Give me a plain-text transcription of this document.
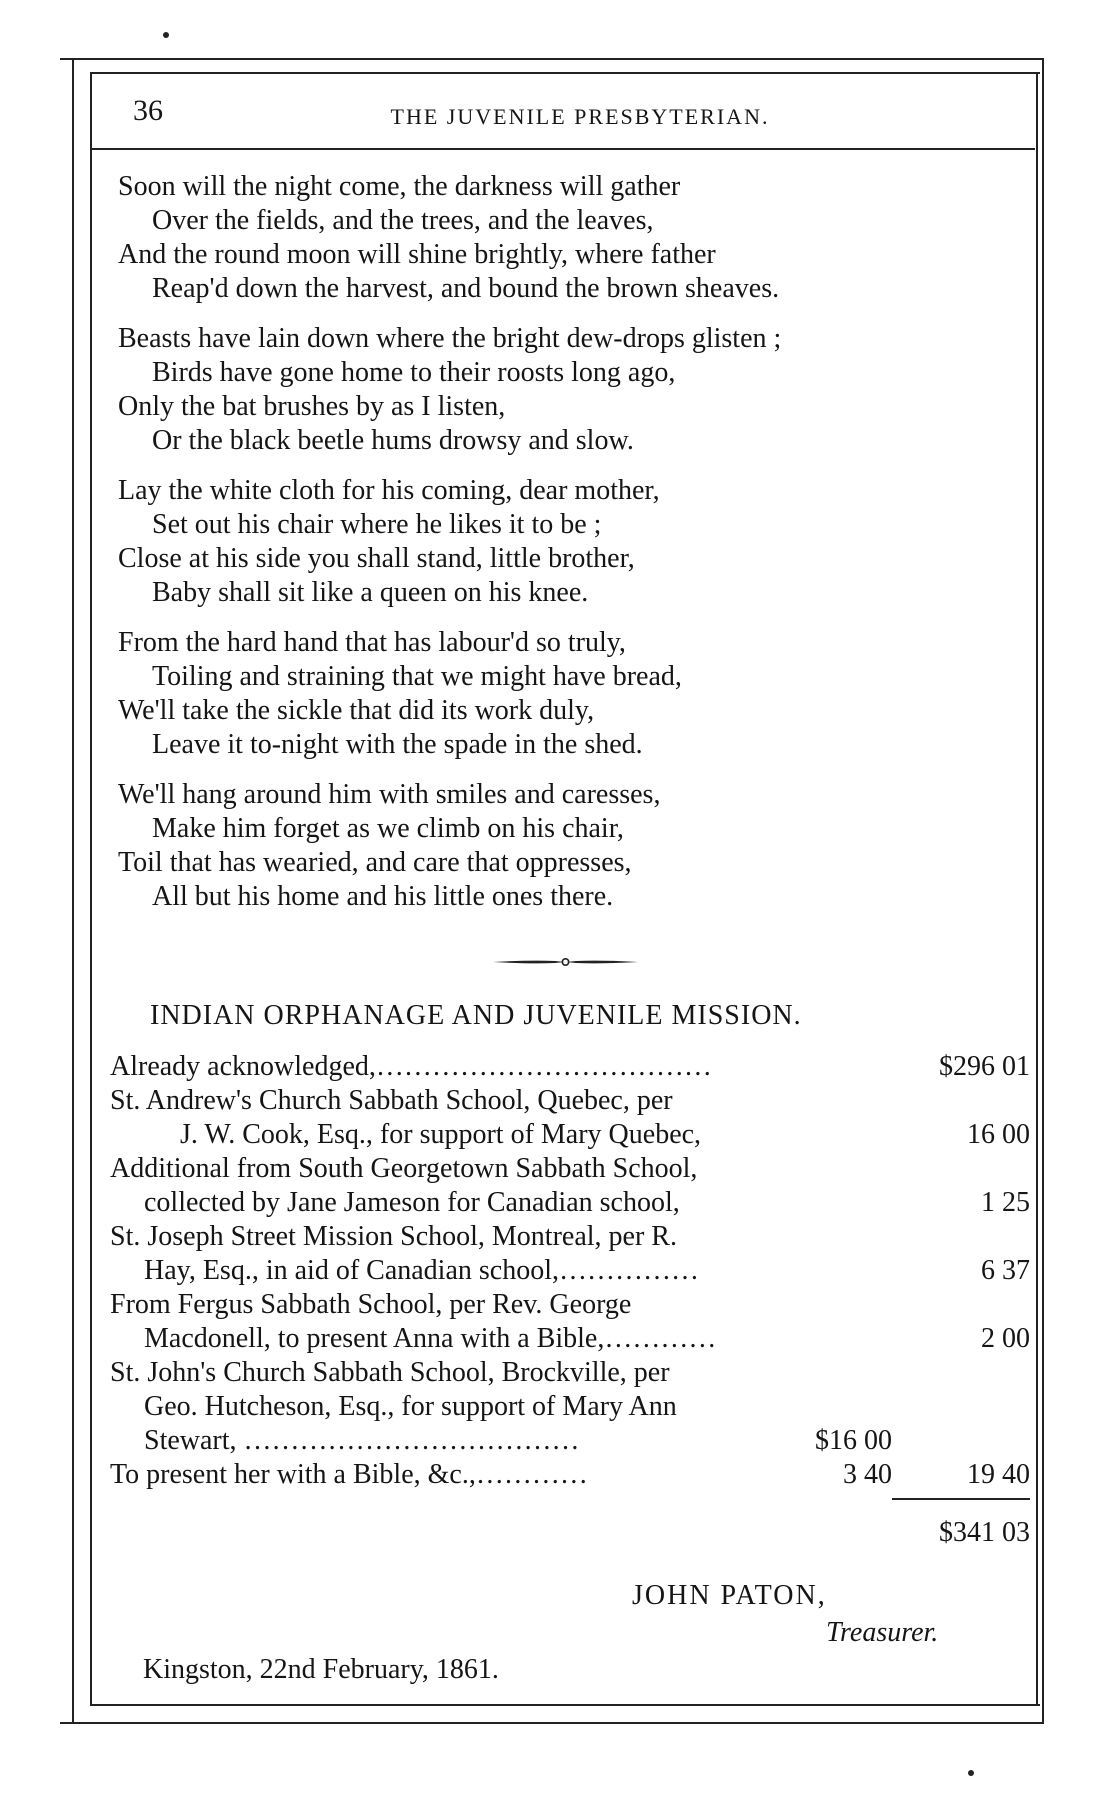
36	THE JUVENILE PRESBYTERIAN.
Soon will the night come, the darkness will gather
Over the fields, and the trees, and the leaves,
And the round moon will shine brightly, where father
Reap'd down the harvest, and bound the brown sheaves.
Beasts have lain down where the bright dew-drops glisten ;
Birds have gone home to their roosts long ago,
Only the bat brushes by as I listen,
Or the black beetle hums drowsy and slow.
Lay the white cloth for his coming, dear mother,
Set out his chair where he likes it to be ;
Close at his side you shall stand, little brother,
Baby shall sit like a queen on his knee.
From the hard hand that has labour'd so truly,
Toiling and straining that we might have bread,
We'll take the sickle that did its work duly,
Leave it to-night with the spade in the shed.
We'll hang around him with smiles and caresses,
Make him forget as we climb on his chair,
Toil that has wearied, and care that oppresses,
All but his home and his little ones there.
INDIAN ORPHANAGE AND JUVENILE MISSION.
Already acknowledged,………………………………	$296 01
St. Andrew's Church Sabbath School, Quebec, per
J. W. Cook, Esq., for support of Mary Quebec,	16 00
Additional from South Georgetown Sabbath School,
collected by Jane Jameson for Canadian school,	1 25
St. Joseph Street Mission School, Montreal, per R.
Hay, Esq., in aid of Canadian school,……………	6 37
From Fergus Sabbath School, per Rev. George
Macdonell, to present Anna with a Bible,…………	2 00
St. John's Church Sabbath School, Brockville, per
Geo. Hutcheson, Esq., for support of Mary Ann
Stewart, ………………………………	$16 00
To present her with a Bible, &c.,…………	3 40	19 40
$341 03
JOHN PATON,
Treasurer.
Kingston, 22nd February, 1861.
